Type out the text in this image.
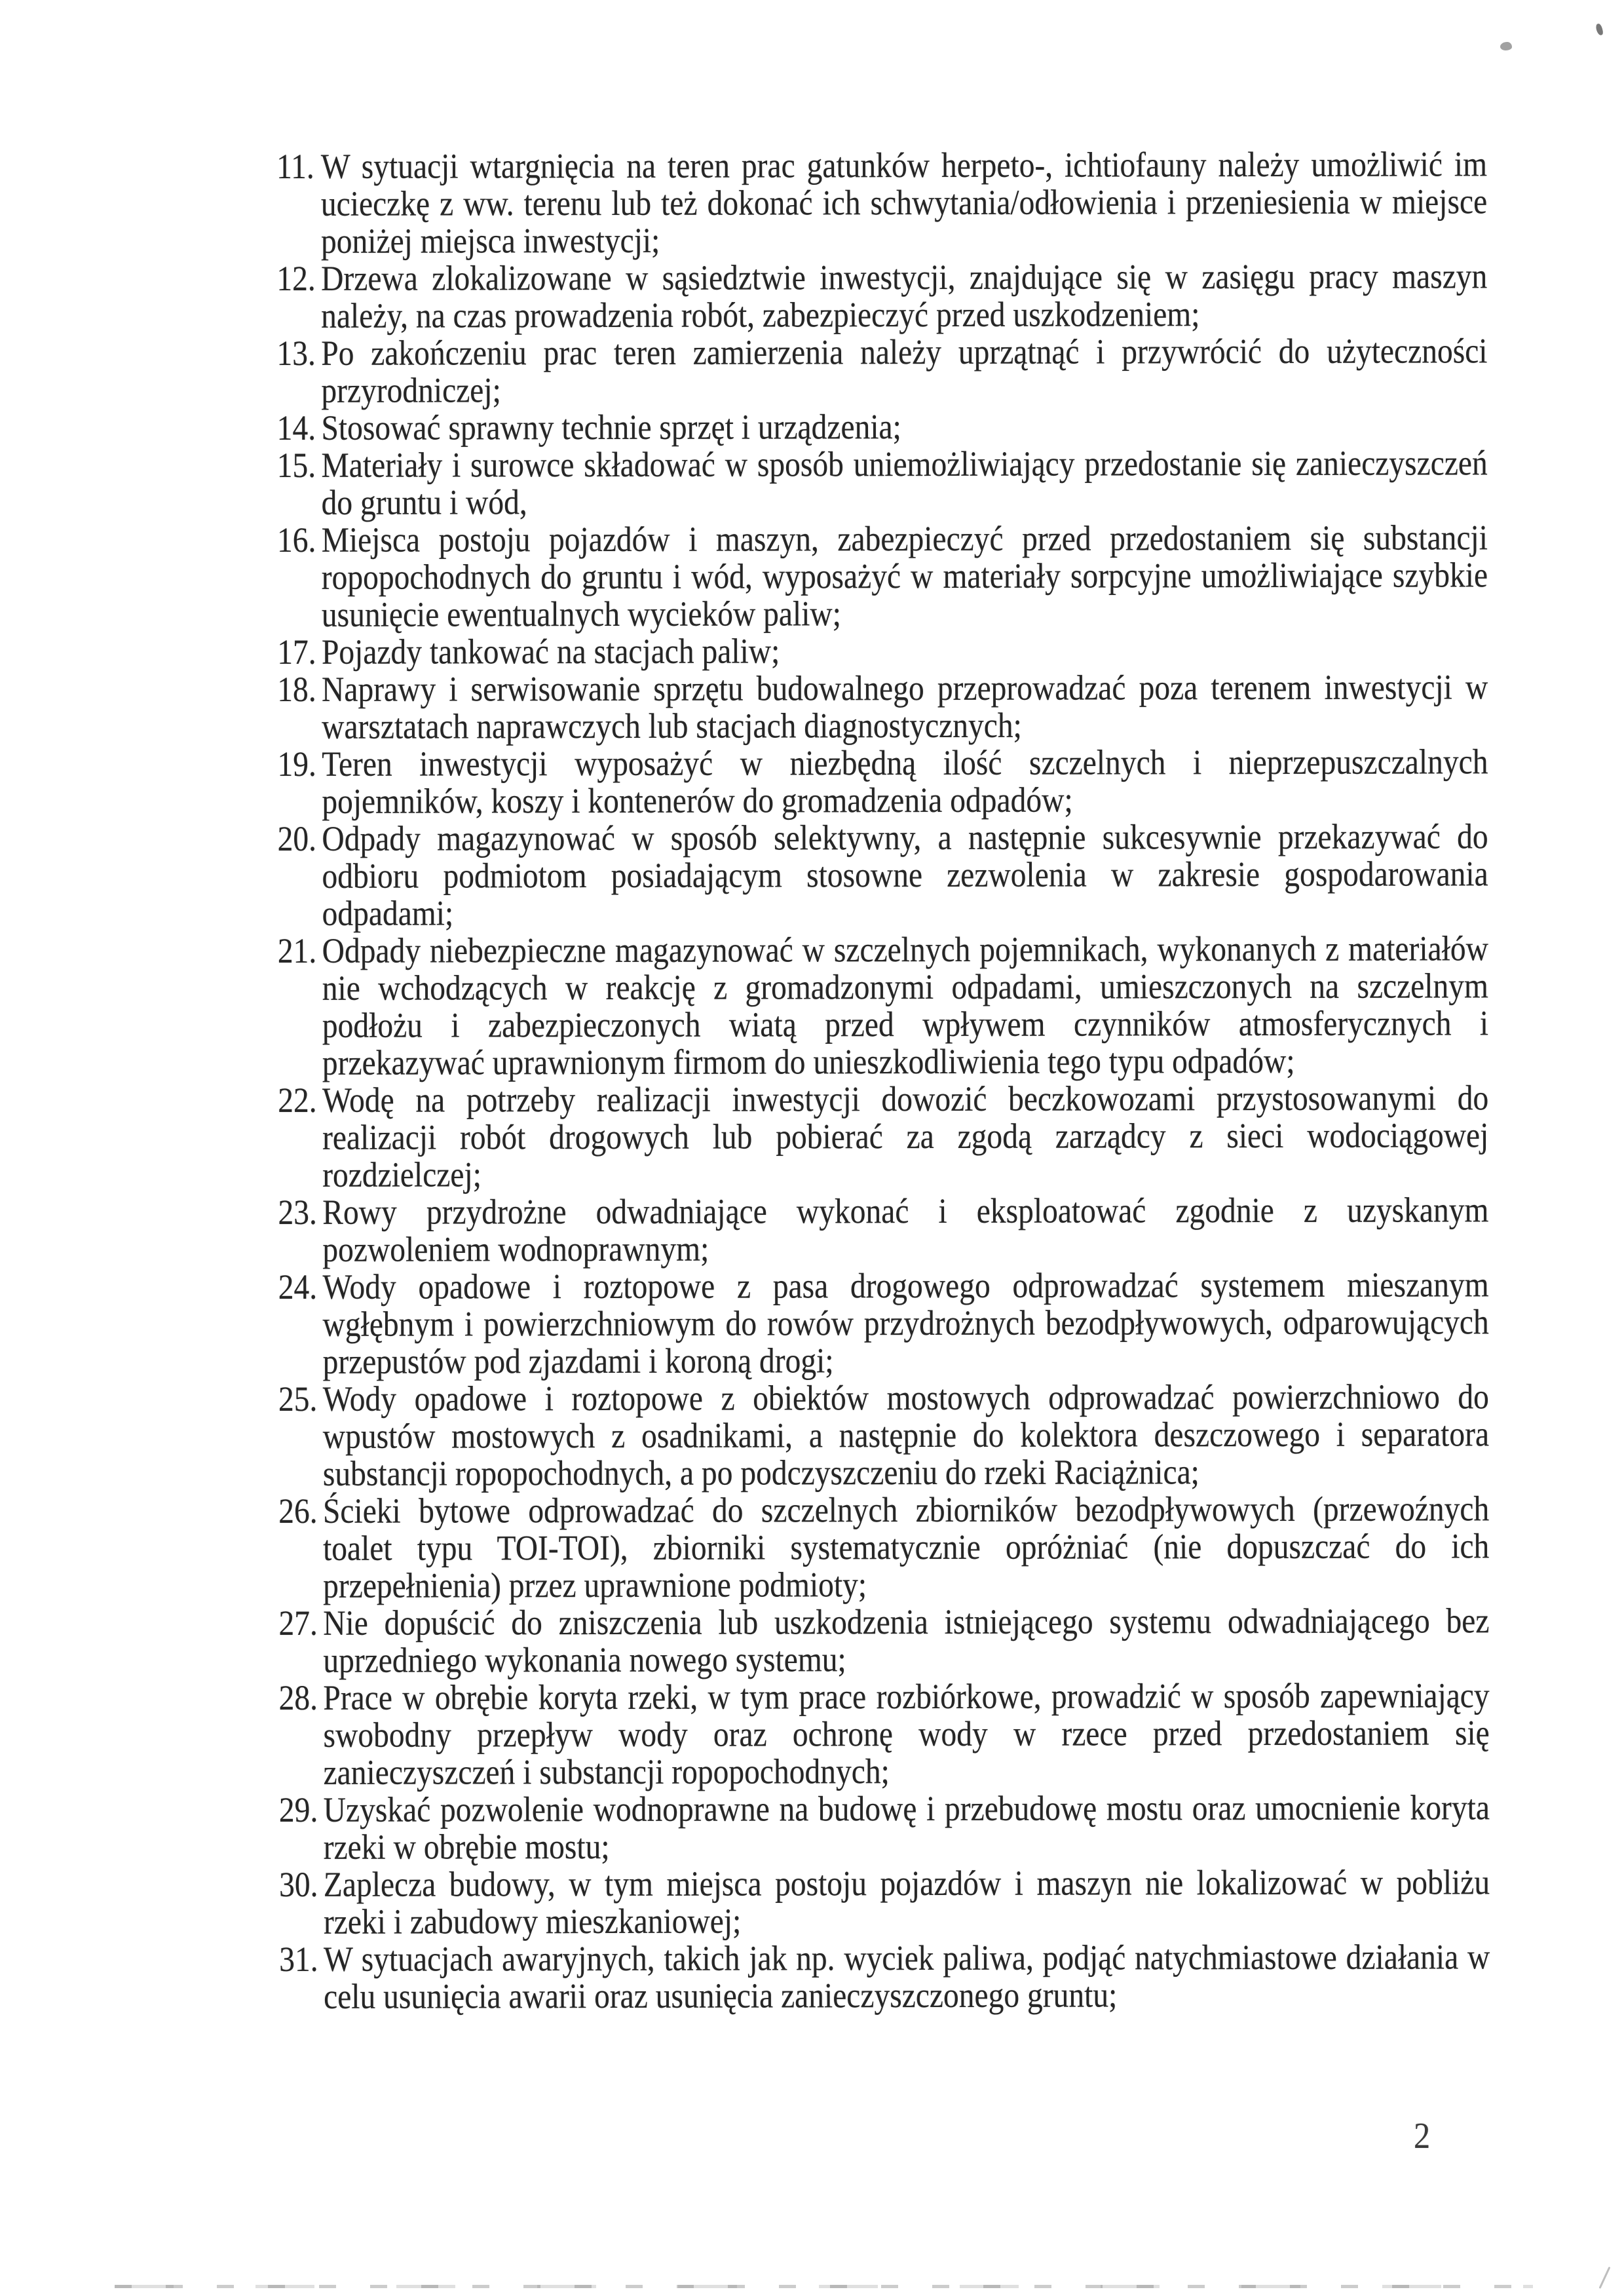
11. W sytuacji wtargnięcia na teren prac gatunków herpeto-, ichtiofauny należy umożliwić im ucieczkę z ww. terenu lub też dokonać ich schwytania/odłowienia i przeniesienia w miejsce poniżej miejsca inwestycji;
12. Drzewa zlokalizowane w sąsiedztwie inwestycji, znajdujące się w zasięgu pracy maszyn należy, na czas prowadzenia robót, zabezpieczyć przed uszkodzeniem;
13. Po zakończeniu prac teren zamierzenia należy uprzątnąć i przywrócić do użyteczności przyrodniczej;
14. Stosować sprawny technie sprzęt i urządzenia;
15. Materiały i surowce składować w sposób uniemożliwiający przedostanie się zanieczyszczeń do gruntu i wód,
16. Miejsca postoju pojazdów i maszyn, zabezpieczyć przed przedostaniem się substancji ropopochodnych do gruntu i wód, wyposażyć w materiały sorpcyjne umożliwiające szybkie usunięcie ewentualnych wycieków paliw;
17. Pojazdy tankować na stacjach paliw;
18. Naprawy i serwisowanie sprzętu budowalnego przeprowadzać poza terenem inwestycji w warsztatach naprawczych lub stacjach diagnostycznych;
19. Teren inwestycji wyposażyć w niezbędną ilość szczelnych i nieprzepuszczalnych pojemników, koszy i kontenerów do gromadzenia odpadów;
20. Odpady magazynować w sposób selektywny, a następnie sukcesywnie przekazywać do odbioru podmiotom posiadającym stosowne zezwolenia w zakresie gospodarowania odpadami;
21. Odpady niebezpieczne magazynować w szczelnych pojemnikach, wykonanych z materiałów nie wchodzących w reakcję z gromadzonymi odpadami, umieszczonych na szczelnym podłożu i zabezpieczonych wiatą przed wpływem czynników atmosferycznych i przekazywać uprawnionym firmom do unieszkodliwienia tego typu odpadów;
22. Wodę na potrzeby realizacji inwestycji dowozić beczkowozami przystosowanymi do realizacji robót drogowych lub pobierać za zgodą zarządcy z sieci wodociągowej rozdzielczej;
23. Rowy przydrożne odwadniające wykonać i eksploatować zgodnie z uzyskanym pozwoleniem wodnoprawnym;
24. Wody opadowe i roztopowe z pasa drogowego odprowadzać systemem mieszanym wgłębnym i powierzchniowym do rowów przydrożnych bezodpływowych, odparowujących przepustów pod zjazdami i koroną drogi;
25. Wody opadowe i roztopowe z obiektów mostowych odprowadzać powierzchniowo do wpustów mostowych z osadnikami, a następnie do kolektora deszczowego i separatora substancji ropopochodnych, a po podczyszczeniu do rzeki Raciążnica;
26. Ścieki bytowe odprowadzać do szczelnych zbiorników bezodpływowych (przewoźnych toalet typu TOI-TOI), zbiorniki systematycznie opróżniać (nie dopuszczać do ich przepełnienia) przez uprawnione podmioty;
27. Nie dopuścić do zniszczenia lub uszkodzenia istniejącego systemu odwadniającego bez uprzedniego wykonania nowego systemu;
28. Prace w obrębie koryta rzeki, w tym prace rozbiórkowe, prowadzić w sposób zapewniający swobodny przepływ wody oraz ochronę wody w rzece przed przedostaniem się zanieczyszczeń i substancji ropopochodnych;
29. Uzyskać pozwolenie wodnoprawne na budowę i przebudowę mostu oraz umocnienie koryta rzeki w obrębie mostu;
30. Zaplecza budowy, w tym miejsca postoju pojazdów i maszyn nie lokalizować w pobliżu rzeki i zabudowy mieszkaniowej;
31. W sytuacjach awaryjnych, takich jak np. wyciek paliwa, podjąć natychmiastowe działania w celu usunięcia awarii oraz usunięcia zanieczyszczonego gruntu;
2
